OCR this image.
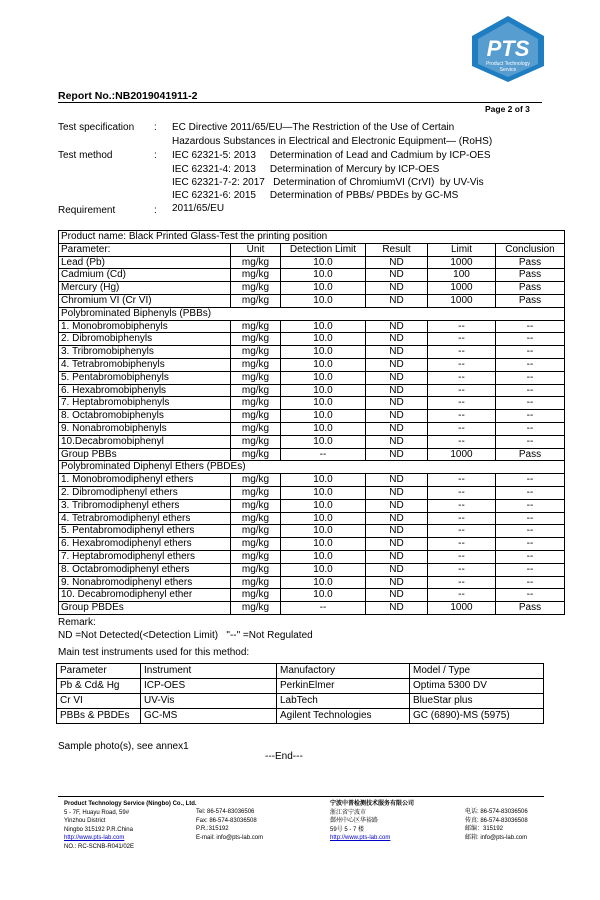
PTS
Product Technology
Service
Report No.:NB2019041911-2
Page 2 of 3
Test specification : EC Directive 2011/65/EU—The Restriction of the Use of Certain
Hazardous Substances in Electrical and Electronic Equipment— (RoHS)
Test method	: IEC 62321-5: 2013     Determination of Lead and Cadmium by ICP-OES
IEC 62321-4: 2013     Determination of Mercury by ICP-OES
IEC 62321-7-2: 2017   Determination of ChromiumVI (CrVI)  by UV-Vis
IEC 62321-6: 2015     Determination of PBBs/ PBDEs by GC-MS
Requirement	: 2011/65/EU
Product name: Black Printed Glass-Test the printing position					
Parameter:	Unit	Detection Limit	Result	Limit	Conclusion
Lead (Pb)	mg/kg	10.0	ND	1000	Pass
Cadmium (Cd)	mg/kg	10.0	ND	100	Pass
Mercury (Hg)	mg/kg	10.0	ND	1000	Pass
Chromium VI (Cr VI)	mg/kg	10.0	ND	1000	Pass
Polybrominated Biphenyls (PBBs)					
1. Monobromobiphenyls	mg/kg	10.0	ND	--	--
2. Dibromobiphenyls	mg/kg	10.0	ND	--	--
3. Tribromobiphenyls	mg/kg	10.0	ND	--	--
4. Tetrabromobiphenyls	mg/kg	10.0	ND	--	--
5. Pentabromobiphenyls	mg/kg	10.0	ND	--	--
6. Hexabromobiphenyls	mg/kg	10.0	ND	--	--
7. Heptabromobiphenyls	mg/kg	10.0	ND	--	--
8. Octabromobiphenyls	mg/kg	10.0	ND	--	--
9. Nonabromobiphenyls	mg/kg	10.0	ND	--	--
10.Decabromobiphenyl	mg/kg	10.0	ND	--	--
Group PBBs	mg/kg	--	ND	1000	Pass
Polybrominated Diphenyl Ethers (PBDEs)					
1. Monobromodiphenyl ethers	mg/kg	10.0	ND	--	--
2. Dibromodiphenyl ethers	mg/kg	10.0	ND	--	--
3. Tribromodiphenyl ethers	mg/kg	10.0	ND	--	--
4. Tetrabromodiphenyl ethers	mg/kg	10.0	ND	--	--
5. Pentabromodiphenyl ethers	mg/kg	10.0	ND	--	--
6. Hexabromodiphenyl ethers	mg/kg	10.0	ND	--	--
7. Heptabromodiphenyl ethers	mg/kg	10.0	ND	--	--
8. Octabromodiphenyl ethers	mg/kg	10.0	ND	--	--
9. Nonabromodiphenyl ethers	mg/kg	10.0	ND	--	--
10. Decabromodiphenyl ether	mg/kg	10.0	ND	--	--
Group PBDEs	mg/kg	--	ND	1000	Pass
Remark:
ND =Not Detected(<Detection Limit)   "--" =Not Regulated
Main test instruments used for this method:
Parameter	Instrument	Manufactory	Model / Type
Pb & Cd& Hg	ICP-OES	PerkinElmer	Optima 5300 DV
Cr VI	UV-Vis	LabTech	BlueStar plus
PBBs & PBDEs	GC-MS	Agilent Technologies	GC (6890)-MS (5975)
Sample photo(s), see annex1
---End---
Product Technology Service (Ningbo) Co., Ltd.
5 - 7F, Huayu Road, 59#
Yinzhou District
Ningbo 315192 P.R.China
http://www.pts-lab.com
NO.: RC-SCNB-R041/02E
Tel: 86-574-83036506
Fax: 86-574-83036508
P.R.:315192
E-mail: info@pts-lab.com
宁波中普检测技术服务有限公司
浙江省宁波市
鄞州中心区华裕路
59号 5 - 7 楼
http://www.pts-lab.com
电话: 86-574-83036506
传真: 86-574-83036508
邮编：315192
邮箱: info@pts-lab.com
